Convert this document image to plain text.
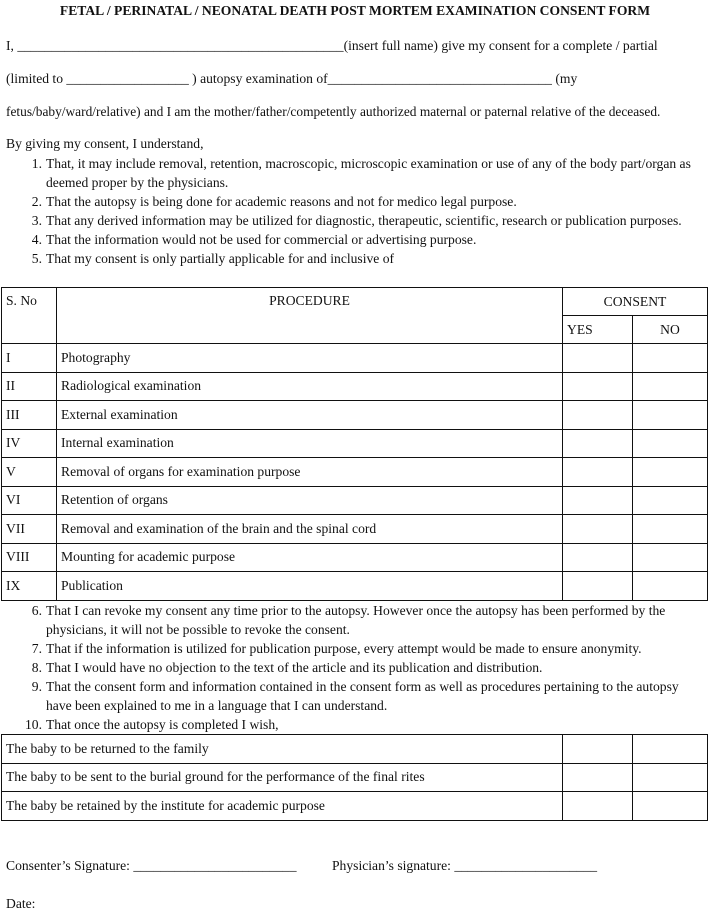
FETAL / PERINATAL / NEONATAL DEATH POST MORTEM EXAMINATION CONSENT FORM
I, ________________________________________________(insert full name) give my consent for a complete / partial
(limited to __________________ ) autopsy examination of_________________________________ (my
fetus/baby/ward/relative) and I am the mother/father/competently authorized maternal or paternal relative of the deceased.
By giving my consent, I understand,
1. That, it may include removal, retention, macroscopic, microscopic examination or use of any of the body part/organ as deemed proper by the physicians.
2. That the autopsy is being done for academic reasons and not for medico legal purpose.
3. That any derived information may be utilized for diagnostic, therapeutic, scientific, research or publication purposes.
4. That the information would not be used for commercial or advertising purpose.
5. That my consent is only partially applicable for and inclusive of
S. No	PROCEDURE	CONSENT	
		YES	NO
I	Photography		
II	Radiological examination		
III	External examination		
IV	Internal examination		
V	Removal of organs for examination purpose		
VI	Retention of organs		
VII	Removal and examination of the brain and the spinal cord		
VIII	Mounting for academic purpose		
IX	Publication		
6. That I can revoke my consent any time prior to the autopsy. However once the autopsy has been performed by the physicians, it will not be possible to revoke the consent.
7. That if the information is utilized for publication purpose, every attempt would be made to ensure anonymity.
8. That I would have no objection to the text of the article and its publication and distribution.
9. That the consent form and information contained in the consent form as well as procedures pertaining to the autopsy have been explained to me in a language that I can understand.
10. That once the autopsy is completed I wish,
The baby to be returned to the family		
The baby to be sent to the burial ground for the performance of the final rites		
The baby be retained by the institute for academic purpose		
Consenter’s Signature: ________________________	Physician’s signature: _____________________
Date:
